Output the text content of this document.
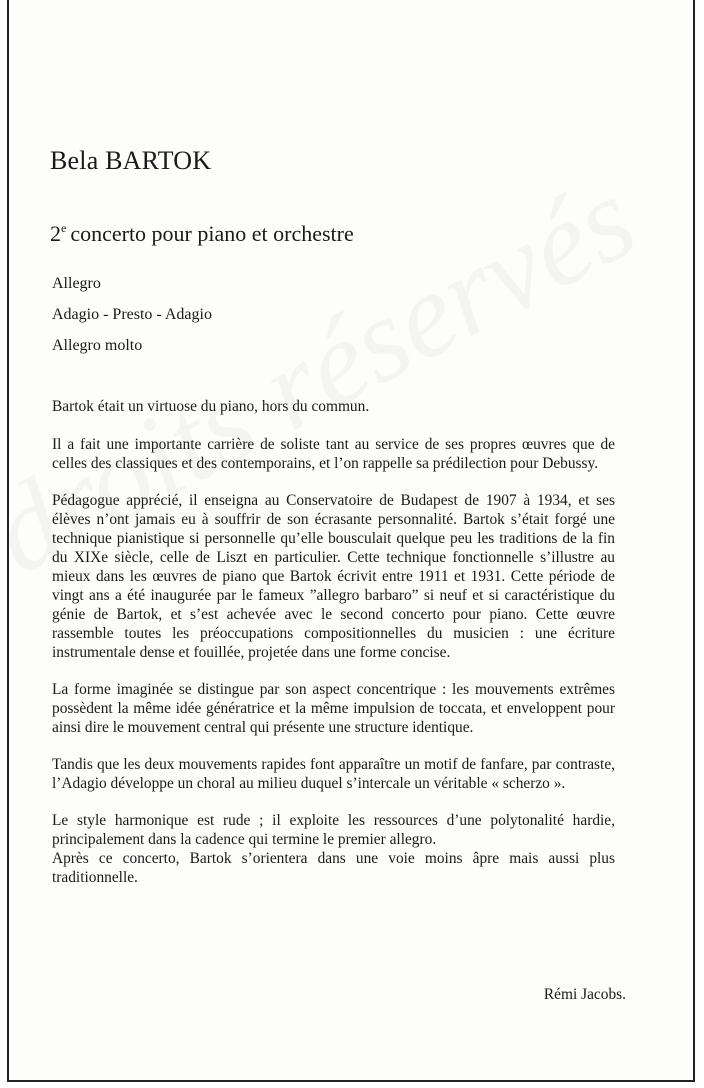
Bela BARTOK
2e concerto pour piano et orchestre
Allegro
Adagio - Presto - Adagio
Allegro molto

Bartok était un virtuose du piano, hors du commun.

Il a fait une importante carrière de soliste tant au service de ses propres œuvres que de celles des classiques et des contemporains, et l’on rappelle sa prédilection pour Debussy.

Pédagogue apprécié, il enseigna au Conservatoire de Budapest de 1907 à 1934, et ses élèves n’ont jamais eu à souffrir de son écrasante personnalité. Bartok s’était forgé une technique pianistique si personnelle qu’elle bousculait quelque peu les traditions de la fin du XIXe siècle, celle de Liszt en particulier. Cette technique fonctionnelle s’illustre au mieux dans les œuvres de piano que Bartok écrivit entre 1911 et 1931. Cette période de vingt ans a été inaugurée par le fameux ”allegro barbaro” si neuf et si caractéristique du génie de Bartok, et s’est achevée avec le second concerto pour piano. Cette œuvre rassemble toutes les préoccupations compositionnelles du musicien : une écriture instrumentale dense et fouillée, projetée dans une forme concise.

La forme imaginée se distingue par son aspect concentrique : les mouvements extrêmes possèdent la même idée génératrice et la même impulsion de toccata, et enveloppent pour ainsi dire le mouvement central qui présente une structure identique.

Tandis que les deux mouvements rapides font apparaître un motif de fanfare, par contraste, l’Adagio développe un choral au milieu duquel s’intercale un véritable « scherzo ».

Le style harmonique est rude ; il exploite les ressources d’une polytonalité hardie, principalement dans la cadence qui termine le premier allegro.

Après ce concerto, Bartok s’orientera dans une voie moins âpre mais aussi plus traditionnelle.

Rémi Jacobs.
